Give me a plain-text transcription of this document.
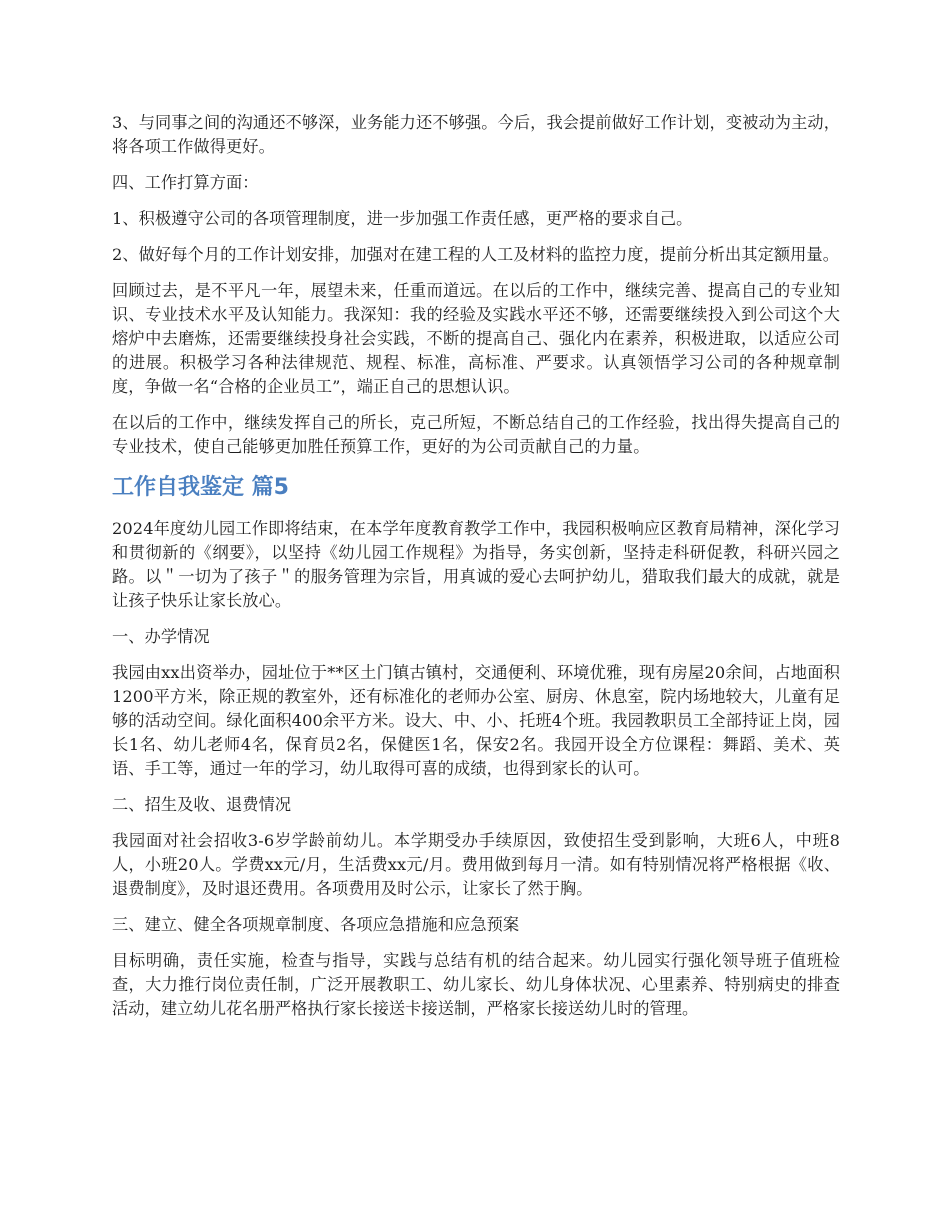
3、与同事之间的沟通还不够深，业务能力还不够强。今后，我会提前做好工作计划，变被动为主动，将各项工作做得更好。

四、工作打算方面：

1、积极遵守公司的各项管理制度，进一步加强工作责任感，更严格的要求自己。

2、做好每个月的工作计划安排，加强对在建工程的人工及材料的监控力度，提前分析出其定额用量。

回顾过去，是不平凡一年，展望未来，任重而道远。在以后的工作中，继续完善、提高自己的专业知识、专业技术水平及认知能力。我深知：我的经验及实践水平还不够，还需要继续投入到公司这个大熔炉中去磨炼，还需要继续投身社会实践，不断的提高自己、强化内在素养，积极进取，以适应公司的进展。积极学习各种法律规范、规程、标准，高标准、严要求。认真领悟学习公司的各种规章制度，争做一名“合格的企业员工”，端正自己的思想认识。

在以后的工作中，继续发挥自己的所长，克己所短，不断总结自己的工作经验，找出得失提高自己的专业技术，使自己能够更加胜任预算工作，更好的为公司贡献自己的力量。

工作自我鉴定 篇5

2024年度幼儿园工作即将结束，在本学年度教育教学工作中，我园积极响应区教育局精神，深化学习和贯彻新的《纲要》，以坚持《幼儿园工作规程》为指导，务实创新，坚持走科研促教，科研兴园之路。以＂一切为了孩子＂的服务管理为宗旨，用真诚的爱心去呵护幼儿，猎取我们最大的成就，就是让孩子快乐让家长放心。

一、办学情况

我园由xx出资举办，园址位于**区土门镇古镇村，交通便利、环境优雅，现有房屋20余间，占地面积1200平方米，除正规的教室外，还有标准化的老师办公室、厨房、休息室，院内场地较大，儿童有足够的活动空间。绿化面积400余平方米。设大、中、小、托班4个班。我园教职员工全部持证上岗，园长1名、幼儿老师4名，保育员2名，保健医1名，保安2名。我园开设全方位课程：舞蹈、美术、英语、手工等，通过一年的学习，幼儿取得可喜的成绩，也得到家长的认可。

二、招生及收、退费情况

我园面对社会招收3-6岁学龄前幼儿。本学期受办手续原因，致使招生受到影响，大班6人，中班8人，小班20人。学费xx元/月，生活费xx元/月。费用做到每月一清。如有特别情况将严格根据《收、退费制度》，及时退还费用。各项费用及时公示，让家长了然于胸。

三、建立、健全各项规章制度、各项应急措施和应急预案

目标明确，责任实施，检查与指导，实践与总结有机的结合起来。幼儿园实行强化领导班子值班检查，大力推行岗位责任制，广泛开展教职工、幼儿家长、幼儿身体状况、心里素养、特别病史的排查活动，建立幼儿花名册严格执行家长接送卡接送制，严格家长接送幼儿时的管理。
